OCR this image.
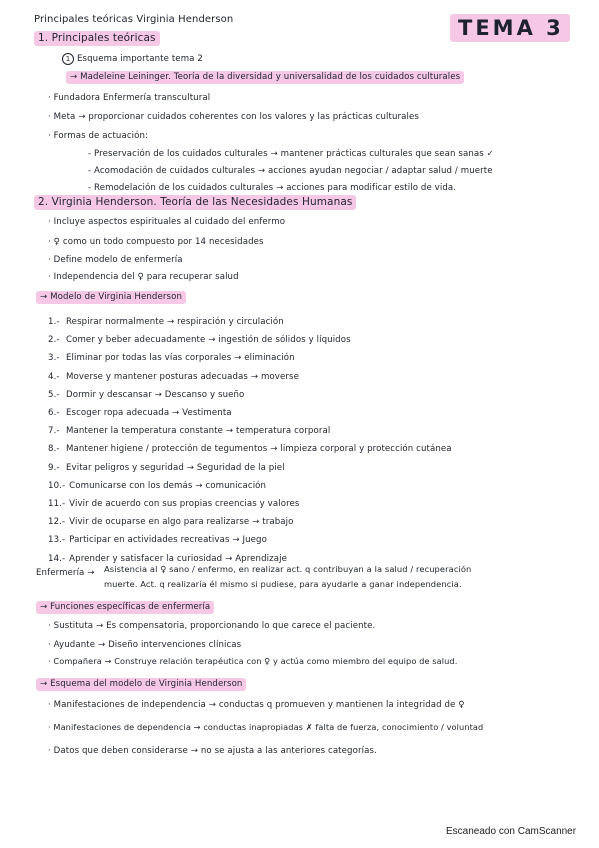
Principales teóricas Virginia Henderson	TEMA 3
1. Principales teóricas
1 Esquema importante tema 2
→ Madeleine Leininger. Teoría de la diversidad y universalidad de los cuidados culturales
· Fundadora Enfermería transcultural
· Meta → proporcionar cuidados coherentes con los valores y las prácticas culturales
· Formas de actuación:
- Preservación de los cuidados culturales → mantener prácticas culturales que sean sanas ✓
- Acomodación de cuidados culturales → acciones ayudan negociar / adaptar salud / muerte
- Remodelación de los cuidados culturales → acciones para modificar estilo de vida.
2. Virginia Henderson. Teoría de las Necesidades Humanas
· Incluye aspectos espirituales al cuidado del enfermo
· ♀ como un todo compuesto por 14 necesidades
· Define modelo de enfermería
· Independencia del ♀ para recuperar salud
→ Modelo de Virginia Henderson
1.- Respirar normalmente → respiración y circulación
2.- Comer y beber adecuadamente → ingestión de sólidos y líquidos
3.- Eliminar por todas las vías corporales → eliminación
4.- Moverse y mantener posturas adecuadas → moverse
5.- Dormir y descansar → Descanso y sueño
6.- Escoger ropa adecuada → Vestimenta
7.- Mantener la temperatura constante → temperatura corporal
8.- Mantener higiene / protección de tegumentos → limpieza corporal y protección cutánea
9.- Evitar peligros y seguridad → Seguridad de la piel
10.- Comunicarse con los demás → comunicación
11.- Vivir de acuerdo con sus propias creencias y valores
12.- Vivir de ocuparse en algo para realizarse → trabajo
13.- Participar en actividades recreativas → Juego
14.- Aprender y satisfacer la curiosidad → Aprendizaje
Enfermería → Asistencia al ♀ sano / enfermo, en realizar act. q contribuyan a la salud / recuperación
muerte. Act. q realizaría él mismo si pudiese, para ayudarle a ganar independencia.
→ Funciones específicas de enfermería
· Sustituta → Es compensatoria, proporcionando lo que carece el paciente.
· Ayudante → Diseño intervenciones clínicas
· Compañera → Construye relación terapéutica con ♀ y actúa como miembro del equipo de salud.
→ Esquema del modelo de Virginia Henderson
· Manifestaciones de independencia → conductas q promueven y mantienen la integridad de ♀
· Manifestaciones de dependencia → conductas inapropiadas ✗ falta de fuerza, conocimiento / voluntad
· Datos que deben considerarse → no se ajusta a las anteriores categorías.
Escaneado con CamScanner
